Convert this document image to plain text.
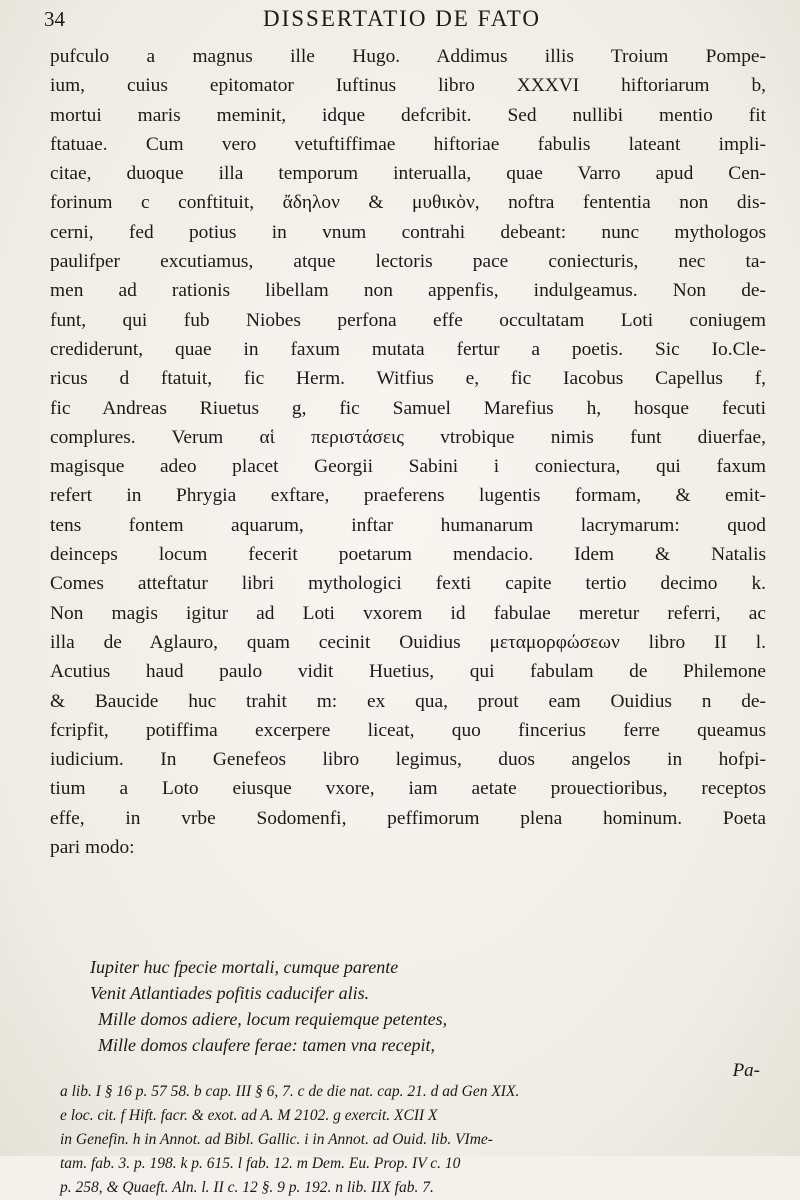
34	DISSERTATIO DE FATO
pufculo a magnus ille Hugo. Addimus illis Troium Pompe-
ium, cuius epitomator Iuftinus libro XXXVI hiftoriarum b,
mortui maris meminit, idque defcribit. Sed nullibi mentio fit
ftatuae. Cum vero vetuftiffimae hiftoriae fabulis lateant impli-
citae, duoque illa temporum interualla, quae Varro apud Cen-
forinum c conftituit, ἄδηλον & μυθικὸν, noftra fententia non dis-
cerni, fed potius in vnum contrahi debeant: nunc mythologos
paulifper excutiamus, atque lectoris pace coniecturis, nec ta-
men ad rationis libellam non appenfis, indulgeamus. Non de-
funt, qui fub Niobes perfona effe occultatam Loti coniugem
crediderunt, quae in faxum mutata fertur a poetis. Sic Io.Cle-
ricus d ftatuit, fic Herm. Witfius e, fic Iacobus Capellus f,
fic Andreas Riuetus g, fic Samuel Marefius h, hosque fecuti
complures. Verum αἱ περιστάσεις vtrobique nimis funt diuerfae,
magisque adeo placet Georgii Sabini i coniectura, qui faxum
refert in Phrygia exftare, praeferens lugentis formam, & emit-
tens fontem aquarum, inftar humanarum lacrymarum: quod
deinceps locum fecerit poetarum mendacio. Idem & Natalis
Comes atteftatur libri mythologici fexti capite tertio decimo k.
Non magis igitur ad Loti vxorem id fabulae meretur referri, ac
illa de Aglauro, quam cecinit Ouidius μεταμορφώσεων libro II l.
Acutius haud paulo vidit Huetius, qui fabulam de Philemone
& Baucide huc trahit m: ex qua, prout eam Ouidius n de-
fcripfit, potiffima excerpere liceat, quo fincerius ferre queamus
iudicium. In Genefeos libro legimus, duos angelos in hofpi-
tium a Loto eiusque vxore, iam aetate prouectioribus, receptos
effe, in vrbe Sodomenfi, peffimorum plena hominum. Poeta
pari modo:
Iupiter huc fpecie mortali, cumque parente
Venit Atlantiades pofitis caducifer alis.
Mille domos adiere, locum requiemque petentes,
Mille domos claufere ferae: tamen vna recepit,
Pa-
a lib. I § 16 p. 57 58. b cap. III § 6, 7. c de die nat. cap. 21. d ad Gen XIX.
e loc. cit. f Hift. facr. & exot. ad A. M 2102. g exercit. XCII X
in Genefin. h in Annot. ad Bibl. Gallic. i in Annot. ad Ouid. lib. VIme-
tam. fab. 3. p. 198. k p. 615. l fab. 12. m Dem. Eu. Prop. IV c. 10
p. 258, & Quaeft. Aln. l. II c. 12 §. 9 p. 192. n lib. IIX fab. 7.
